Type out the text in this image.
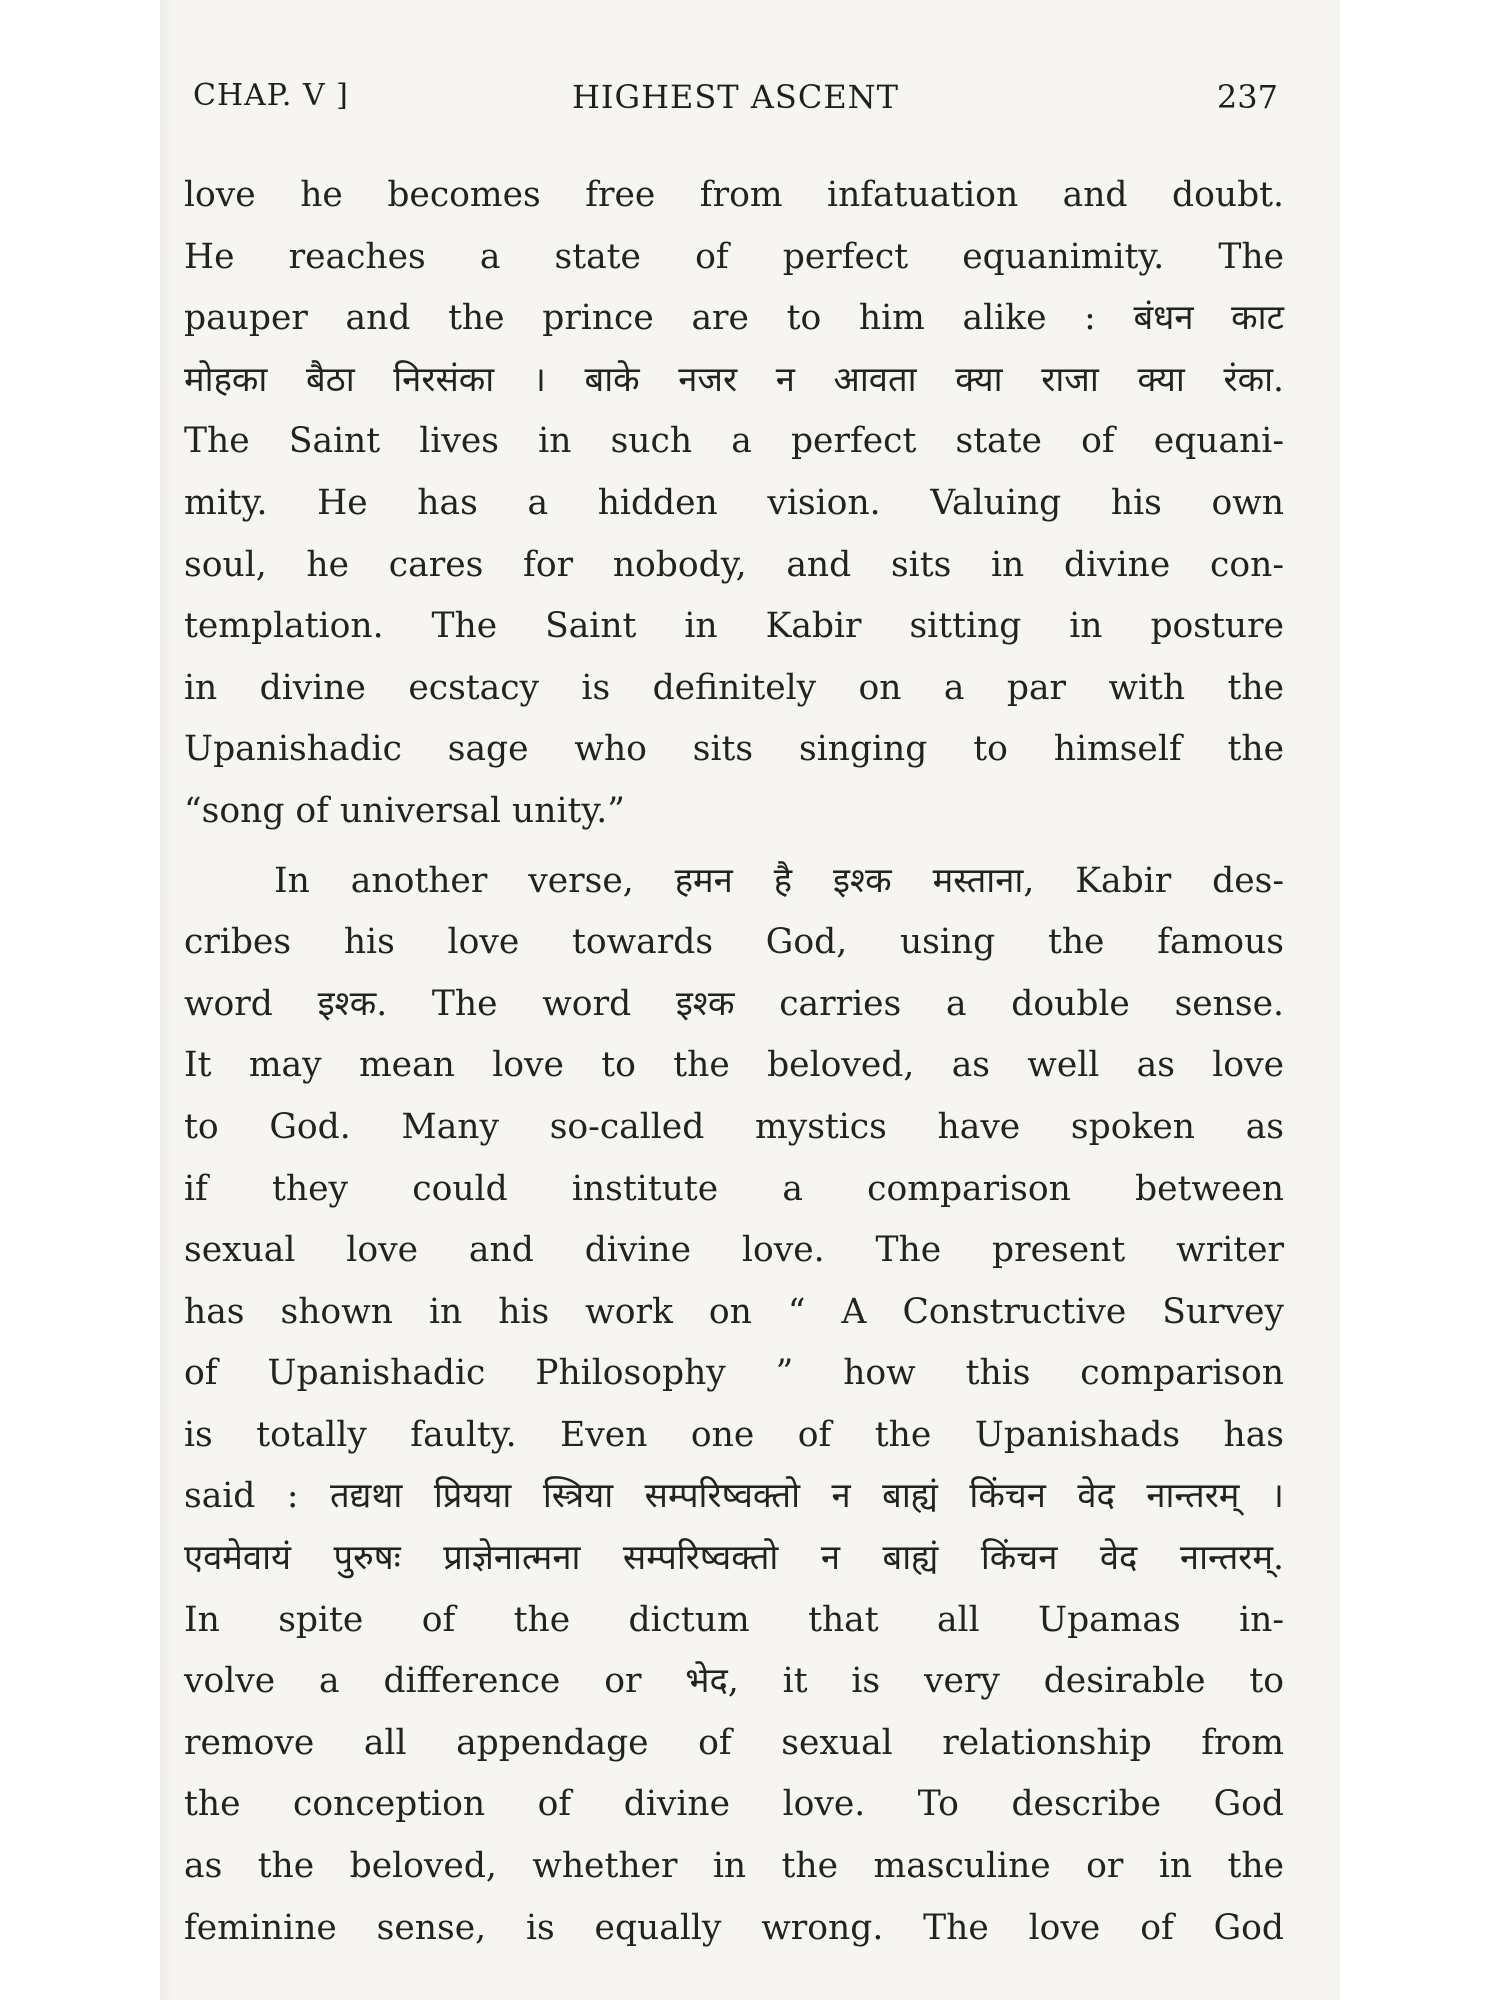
CHAP. V ]	HIGHEST ASCENT	237
love he becomes free from infatuation and doubt.
He reaches a state of perfect equanimity. The
pauper and the prince are to him alike : बंधन काट
मोहका बैठा निरसंका । बाके नजर न आवता क्या राजा क्या रंका.
The Saint lives in such a perfect state of equani-
mity. He has a hidden vision. Valuing his own
soul, he cares for nobody, and sits in divine con-
templation. The Saint in Kabir sitting in posture
in divine ecstacy is definitely on a par with the
Upanishadic sage who sits singing to himself the
“song of universal unity.”
In another verse, हमन है इश्क मस्ताना, Kabir des-
cribes his love towards God, using the famous
word इश्क. The word इश्क carries a double sense.
It may mean love to the beloved, as well as love
to God. Many so-called mystics have spoken as
if they could institute a comparison between
sexual love and divine love. The present writer
has shown in his work on “ A Constructive Survey
of Upanishadic Philosophy ” how this comparison
is totally faulty. Even one of the Upanishads has
said : तद्यथा प्रियया स्त्रिया सम्परिष्वक्तो न बाह्यं किंचन वेद नान्तरम् ।
एवमेवायं पुरुषः प्राज्ञेनात्मना सम्परिष्वक्तो न बाह्यं किंचन वेद नान्तरम्.
In spite of the dictum that all Upamas in-
volve a difference or भेद, it is very desirable to
remove all appendage of sexual relationship from
the conception of divine love. To describe God
as the beloved, whether in the masculine or in the
feminine sense, is equally wrong. The love of God
